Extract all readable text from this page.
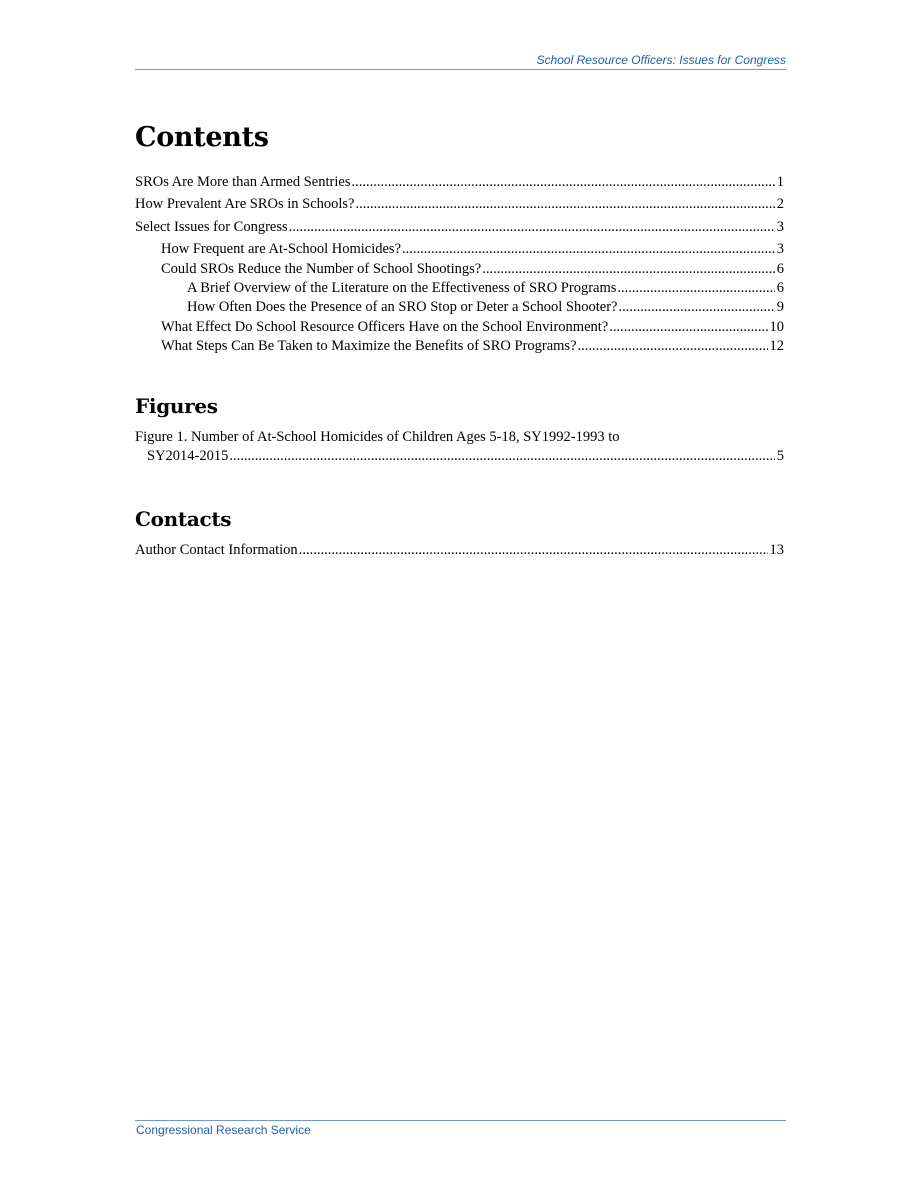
School Resource Officers: Issues for Congress
Contents
SROs Are More than Armed Sentries .....	1
How Prevalent Are SROs in Schools? .....	2
Select Issues for Congress .....	3
How Frequent are At-School Homicides? .....	3
Could SROs Reduce the Number of School Shootings? .....	6
A Brief Overview of the Literature on the Effectiveness of SRO Programs .....	6
How Often Does the Presence of an SRO Stop or Deter a School Shooter? .....	9
What Effect Do School Resource Officers Have on the School Environment? .....	10
What Steps Can Be Taken to Maximize the Benefits of SRO Programs? .....	12
Figures
Figure 1. Number of At-School Homicides of Children Ages 5-18, SY1992-1993 to
SY2014-2015 .....	5
Contacts
Author Contact Information .....	13
Congressional Research Service
